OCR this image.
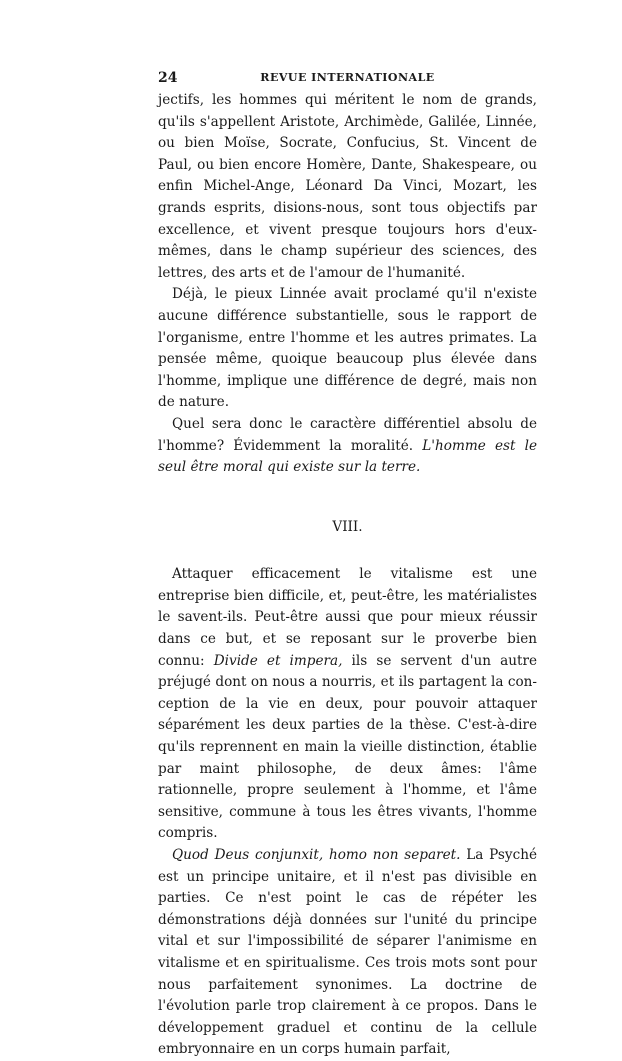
24	REVUE INTERNATIONALE

jectifs, les hommes qui méritent le nom de grands, qu'ils s'appellent Aristote, Archimède, Galilée, Linnée, ou bien Moïse, Socrate, Confucius, St. Vincent de Paul, ou bien encore Homère, Dante, Shakespeare, ou enfin Michel-Ange, Léonard Da Vinci, Mozart, les grands esprits, disions-nous, sont tous objectifs par excellence, et vivent presque toujours hors d'eux-mêmes, dans le champ supérieur des sciences, des lettres, des arts et de l'amour de l'humanité.

Déjà, le pieux Linnée avait proclamé qu'il n'existe aucune différence substantielle, sous le rapport de l'organisme, entre l'homme et les autres primates. La pensée même, quoique beaucoup plus élevée dans l'homme, implique une différence de degré, mais non de nature.

Quel sera donc le caractère différentiel absolu de l'homme? Évidemment la moralité. L'homme est le seul être moral qui existe sur la terre.

VIII.

Attaquer efficacement le vitalisme est une entreprise bien difficile, et, peut-être, les matérialistes le savent-ils. Peut-être aussi que pour mieux réussir dans ce but, et se reposant sur le proverbe bien connu: Divide et impera, ils se servent d'un autre préjugé dont on nous a nourris, et ils partagent la conception de la vie en deux, pour pouvoir attaquer séparément les deux parties de la thèse. C'est-à-dire qu'ils reprennent en main la vieille distinction, établie par maint philosophe, de deux âmes: l'âme rationnelle, propre seulement à l'homme, et l'âme sensitive, commune à tous les êtres vivants, l'homme compris.

Quod Deus conjunxit, homo non separet. La Psyché est un principe unitaire, et il n'est pas divisible en parties. Ce n'est point le cas de répéter les démonstrations déjà données sur l'unité du principe vital et sur l'impossibilité de séparer l'animisme en vitalisme et en spiritualisme. Ces trois mots sont pour nous parfaitement synonimes. La doctrine de l'évolution parle trop clairement à ce propos. Dans le développement graduel et continu de la cellule embryonnaire en un corps humain parfait,
